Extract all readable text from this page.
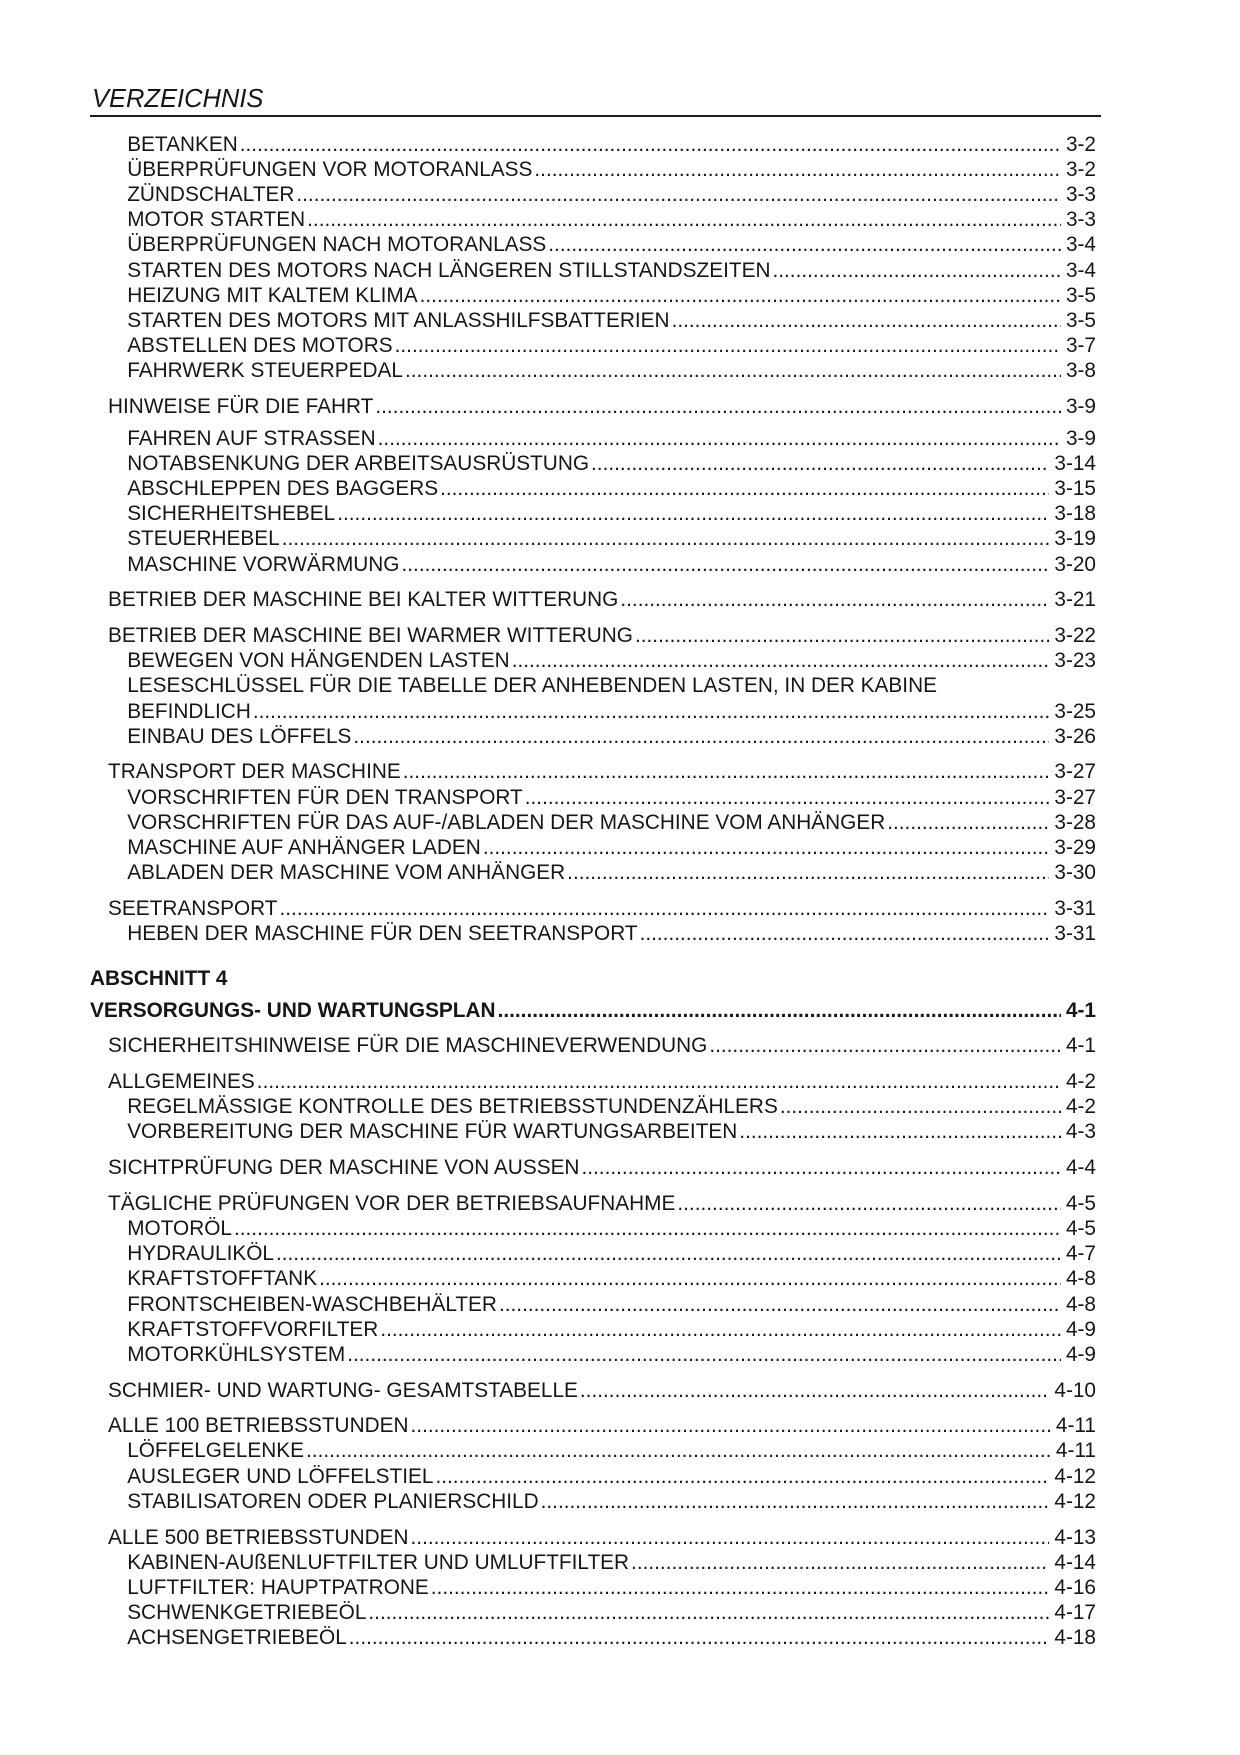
VERZEICHNIS
BETANKEN .....	3-2
ÜBERPRÜFUNGEN VOR MOTORANLASS .....	3-2
ZÜNDSCHALTER .....	3-3
MOTOR STARTEN .....	3-3
ÜBERPRÜFUNGEN NACH MOTORANLASS .....	3-4
STARTEN DES MOTORS NACH LÄNGEREN STILLSTANDSZEITEN .....	3-4
HEIZUNG MIT KALTEM KLIMA .....	3-5
STARTEN DES MOTORS MIT ANLASSHILFSBATTERIEN .....	3-5
ABSTELLEN DES MOTORS .....	3-7
FAHRWERK STEUERPEDAL .....	3-8
HINWEISE FÜR DIE FAHRT .....	3-9
FAHREN AUF STRASSEN .....	3-9
NOTABSENKUNG DER ARBEITSAUSRÜSTUNG .....	3-14
ABSCHLEPPEN DES BAGGERS .....	3-15
SICHERHEITSHEBEL .....	3-18
STEUERHEBEL .....	3-19
MASCHINE VORWÄRMUNG .....	3-20
BETRIEB DER MASCHINE BEI KALTER WITTERUNG .....	3-21
BETRIEB DER MASCHINE BEI WARMER WITTERUNG .....	3-22
BEWEGEN VON HÄNGENDEN LASTEN .....	3-23
LESESCHLÜSSEL FÜR DIE TABELLE DER ANHEBENDEN LASTEN, IN DER KABINE
BEFINDLICH .....	3-25
EINBAU DES LÖFFELS .....	3-26
TRANSPORT DER MASCHINE .....	3-27
VORSCHRIFTEN FÜR DEN TRANSPORT .....	3-27
VORSCHRIFTEN FÜR DAS AUF-/ABLADEN DER MASCHINE VOM ANHÄNGER .....	3-28
MASCHINE AUF ANHÄNGER LADEN .....	3-29
ABLADEN DER MASCHINE VOM ANHÄNGER .....	3-30
SEETRANSPORT .....	3-31
HEBEN DER MASCHINE FÜR DEN SEETRANSPORT .....	3-31
ABSCHNITT 4
VERSORGUNGS- UND WARTUNGSPLAN .....	4-1
SICHERHEITSHINWEISE FÜR DIE MASCHINEVERWENDUNG .....	4-1
ALLGEMEINES .....	4-2
REGELMÄSSIGE KONTROLLE DES BETRIEBSSTUNDENZÄHLERS .....	4-2
VORBEREITUNG DER MASCHINE FÜR WARTUNGSARBEITEN .....	4-3
SICHTPRÜFUNG DER MASCHINE VON AUSSEN .....	4-4
TÄGLICHE PRÜFUNGEN VOR DER BETRIEBSAUFNAHME .....	4-5
MOTORÖL .....	4-5
HYDRAULIKÖL .....	4-7
KRAFTSTOFFTANK .....	4-8
FRONTSCHEIBEN-WASCHBEHÄLTER .....	4-8
KRAFTSTOFFVORFILTER .....	4-9
MOTORKÜHLSYSTEM .....	4-9
SCHMIER- UND WARTUNG- GESAMTSTABELLE .....	4-10
ALLE 100 BETRIEBSSTUNDEN .....	4-11
LÖFFELGELENKE .....	4-11
AUSLEGER UND LÖFFELSTIEL .....	4-12
STABILISATOREN ODER PLANIERSCHILD .....	4-12
ALLE 500 BETRIEBSSTUNDEN .....	4-13
KABINEN-AUßENLUFTFILTER UND UMLUFTFILTER .....	4-14
LUFTFILTER: HAUPTPATRONE .....	4-16
SCHWENKGETRIEBEÖL .....	4-17
ACHSENGETRIEBEÖL .....	4-18
